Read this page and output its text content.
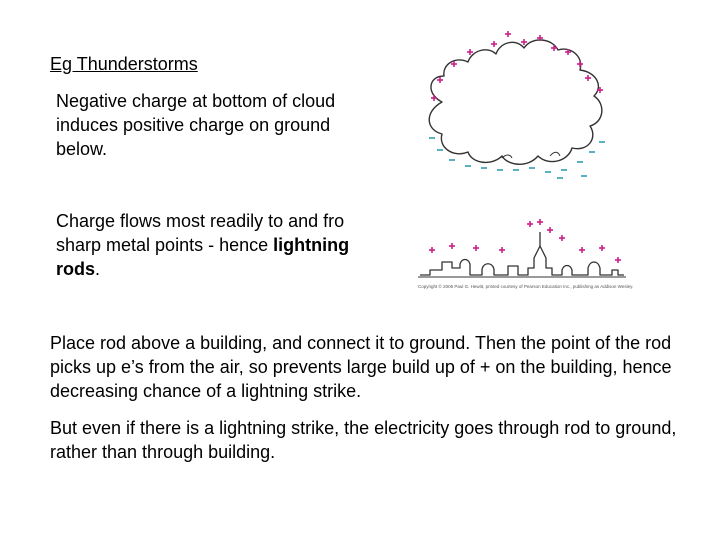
Eg Thunderstorms
Negative charge at bottom of cloud induces positive charge on ground below.
Charge flows most readily to and fro sharp metal points - hence lightning rods.
Place rod above a building, and connect it to ground. Then the point of the rod picks up e’s from the air, so prevents large build up of + on the building, hence decreasing chance of a lightning strike.
But even if there is a lightning strike, the electricity goes through rod to ground, rather than through building.
Copyright © 2006 Paul G. Hewitt, printed courtesy of Pearson Education Inc., publishing as Addison Wesley.
